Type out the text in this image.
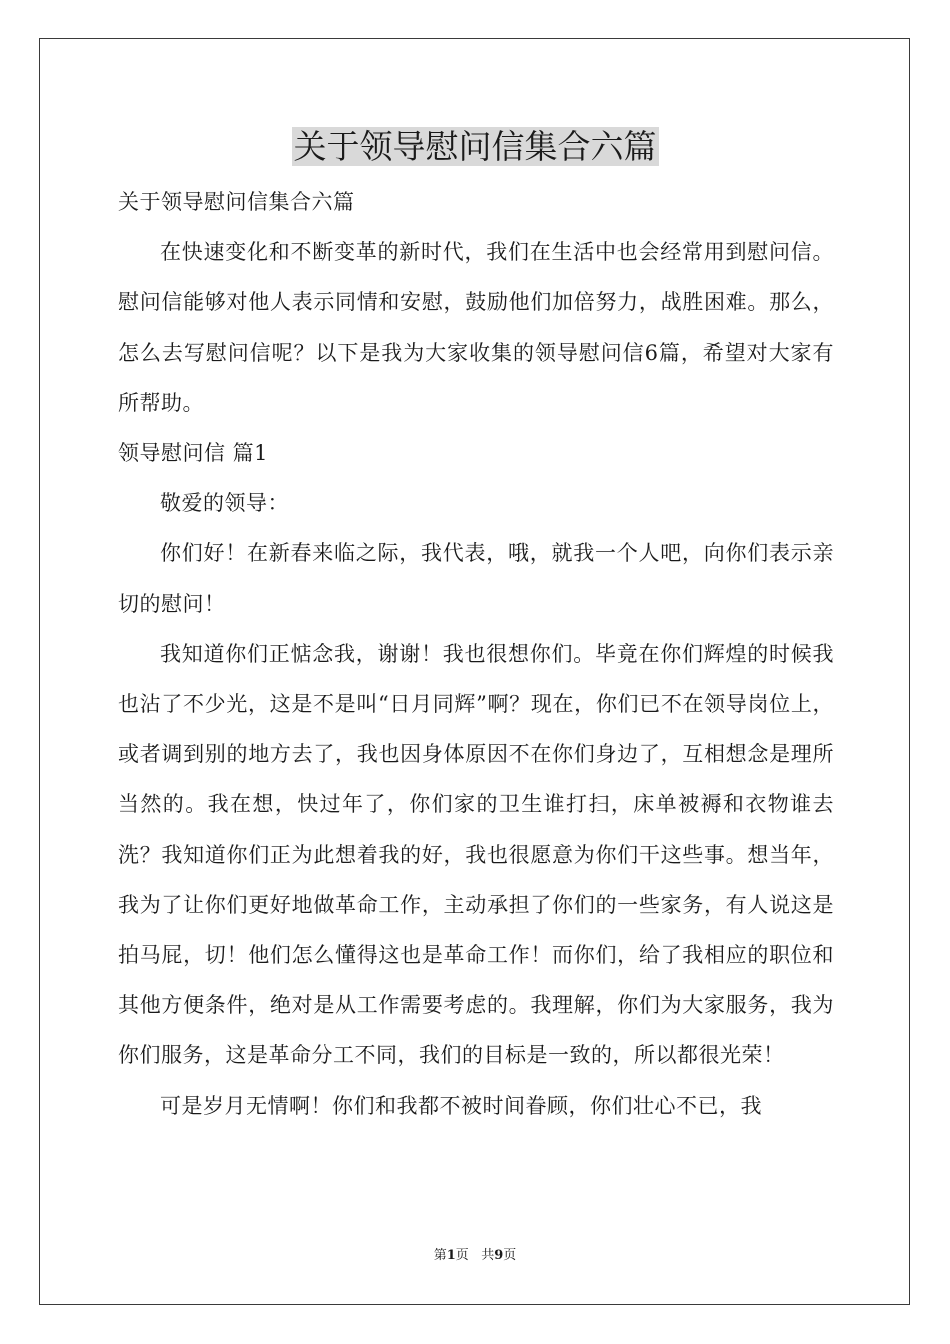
关于领导慰问信集合六篇

关于领导慰问信集合六篇

在快速变化和不断变革的新时代，我们在生活中也会经常用到慰问信。慰问信能够对他人表示同情和安慰，鼓励他们加倍努力，战胜困难。那么，怎么去写慰问信呢？以下是我为大家收集的领导慰问信6篇，希望对大家有所帮助。

领导慰问信 篇1

敬爱的领导：

你们好！在新春来临之际，我代表，哦，就我一个人吧，向你们表示亲切的慰问！

我知道你们正惦念我，谢谢！我也很想你们。毕竟在你们辉煌的时候我也沾了不少光，这是不是叫“日月同辉”啊？现在，你们已不在领导岗位上，或者调到别的地方去了，我也因身体原因不在你们身边了，互相想念是理所当然的。我在想，快过年了，你们家的卫生谁打扫，床单被褥和衣物谁去洗？我知道你们正为此想着我的好，我也很愿意为你们干这些事。想当年，我为了让你们更好地做革命工作，主动承担了你们的一些家务，有人说这是拍马屁，切！他们怎么懂得这也是革命工作！而你们，给了我相应的职位和其他方便条件，绝对是从工作需要考虑的。我理解，你们为大家服务，我为你们服务，这是革命分工不同，我们的目标是一致的，所以都很光荣！

可是岁月无情啊！你们和我都不被时间眷顾，你们壮心不已，我

第1页 共9页
